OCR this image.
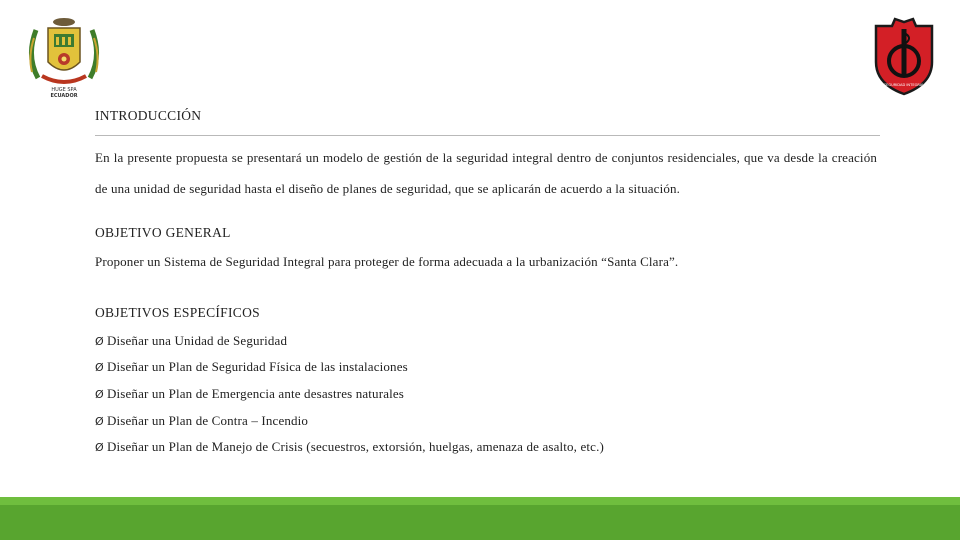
HUGE SPA
ECUADOR
SEGURIDAD INTEGRAL
INTRODUCCIÓN
En la presente propuesta se presentará un modelo de gestión de la seguridad integral dentro de conjuntos residenciales, que va desde la creación de una unidad de seguridad hasta el diseño de planes de seguridad, que se aplicarán de acuerdo a la situación.
OBJETIVO GENERAL
Proponer un Sistema de Seguridad Integral para proteger de forma adecuada a la urbanización “Santa Clara”.
OBJETIVOS ESPECÍFICOS
Ø Diseñar una Unidad de Seguridad
Ø Diseñar un Plan de Seguridad Física de las instalaciones
Ø Diseñar un Plan de Emergencia ante desastres naturales
Ø Diseñar un Plan de Contra – Incendio
Ø Diseñar un Plan de Manejo de Crisis (secuestros, extorsión, huelgas, amenaza de asalto, etc.)
